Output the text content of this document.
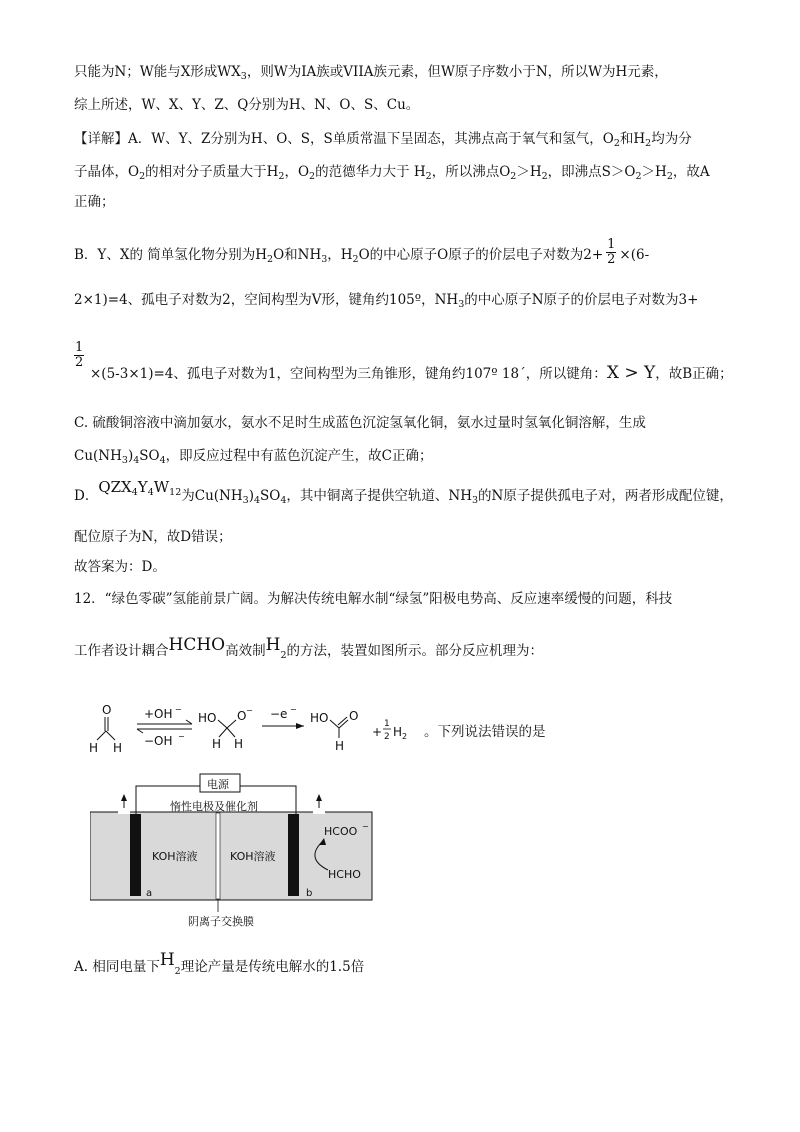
只能为N；W能与X形成$WX_3$，则W为IA族或VIIA族元素，但W原子序数小于N，所以W为H元素，
综上所述，W、X、Y、Z、Q分别为H、N、O、S、Cu。
【详解】A．W、Y、Z分别为H、O、S，S单质常温下呈固态，其沸点高于氧气和氢气，$O_2$和$H_2$均为分
子晶体，$O_2$的相对分子质量大于$H_2$，$O_2$的范德华力大于 $H_2$，所以沸点$O_2>H_2$，即沸点$S>O_2>H_2$，故A
正确；
B．Y、X的 简单氢化物分别为$H_2O$和$NH_3$，$H_2O$的中心原子O原子的价层电子对数为$2+ \frac{1}{2} \times(6-$
2×1)=4、孤电子对数为2，空间构型为V形，键角约105º，$NH_3$的中心原子N原子的价层电子对数为3+
$\frac{1}{2}$
×(5-3×1)=4、孤电子对数为1，空间构型为三角锥形，键角约107º 18´，所以键角：X > Y，故B正确；
C. 硫酸铜溶液中滴加氨水，氨水不足时生成蓝色沉淀氢氧化铜，氨水过量时氢氧化铜溶解，生成
$Cu(NH_3)_4SO_4$，即反应过程中有蓝色沉淀产生，故C正确；
D．$QZX_4Y_4W_{12}$为$Cu(NH_3)_4SO_4$，其中铜离子提供空轨道、$NH_3$的N原子提供孤电子对，两者形成配位键，
配位原子为N，故D错误；
故答案为：D。
12．“绿色零碳”氢能前景广阔。为解决传统电解水制“绿氢”阳极电势高、反应速率缓慢的问题，科技
工作者设计耦合HCHO高效制$H_2$的方法，装置如图所示。部分反应机理为：
O
H H
+OH −
−OH −
HO O −
H H
−e −
HO O
H
+
1
2 H 2 。下列说法错误的是
电源
惰性电极及催化剂
a	b
KOH溶液	KOH溶液
HCOO −
HCHO
阴离子交换膜
A. 相同电量下$H_2$理论产量是传统电解水的1.5倍
